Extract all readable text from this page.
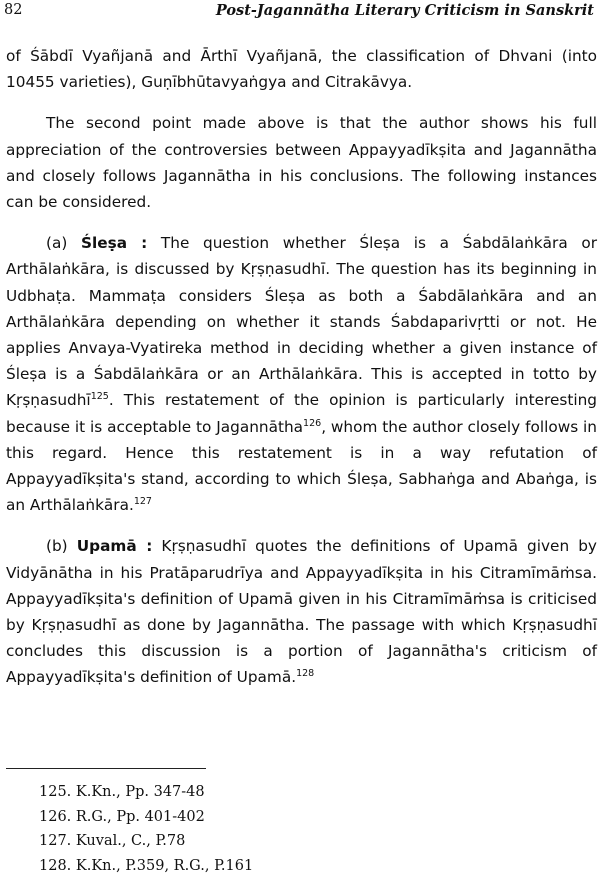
82	Post-Jagannātha Literary Criticism in Sanskrit

of Śābdī Vyañjanā and Ārthī Vyañjanā, the classification of Dhvani (into 10455 varieties), Guṇībhūtavyaṅgya and Citrakāvya.

The second point made above is that the author shows his full appreciation of the controversies between Appayyadīkṣita and Jagannātha and closely follows Jagannātha in his conclusions. The following instances can be considered.

(a) Śleṣa : The question whether Śleṣa is a Śabdālaṅkāra or Arthālaṅkāra, is discussed by Kṛṣṇasudhī. The question has its beginning in Udbhaṭa. Mammaṭa considers Śleṣa as both a Śabdālaṅkāra and an Arthālaṅkāra depending on whether it stands Śabdaparivṛtti or not. He applies Anvaya-Vyatireka method in deciding whether a given instance of Śleṣa is a Śabdālaṅkāra or an Arthālaṅkāra. This is accepted in totto by Kṛṣṇasudhī$^{125}$. This restatement of the opinion is particularly interesting because it is acceptable to Jagannātha$^{126}$, whom the author closely follows in this regard. Hence this restatement is in a way refutation of Appayyadīkṣita's stand, according to which Śleṣa, Sabhaṅga and Abaṅga, is an Arthālaṅkāra.$^{127}$

(b) Upamā : Kṛṣṇasudhī quotes the definitions of Upamā given by Vidyānātha in his Pratāparudrīya and Appayyadīkṣita in his Citramīmāṁsa. Appayyadīkṣita's definition of Upamā given in his Citramīmāṁsa is criticised by Kṛṣṇasudhī as done by Jagannātha. The passage with which Kṛṣṇasudhī concludes this discussion is a portion of Jagannātha's criticism of Appayyadīkṣita's definition of Upamā.$^{128}$

125. K.Kn., Pp. 347-48
126. R.G., Pp. 401-402
127. Kuval., C., P.78
128. K.Kn., P.359, R.G., P.161
